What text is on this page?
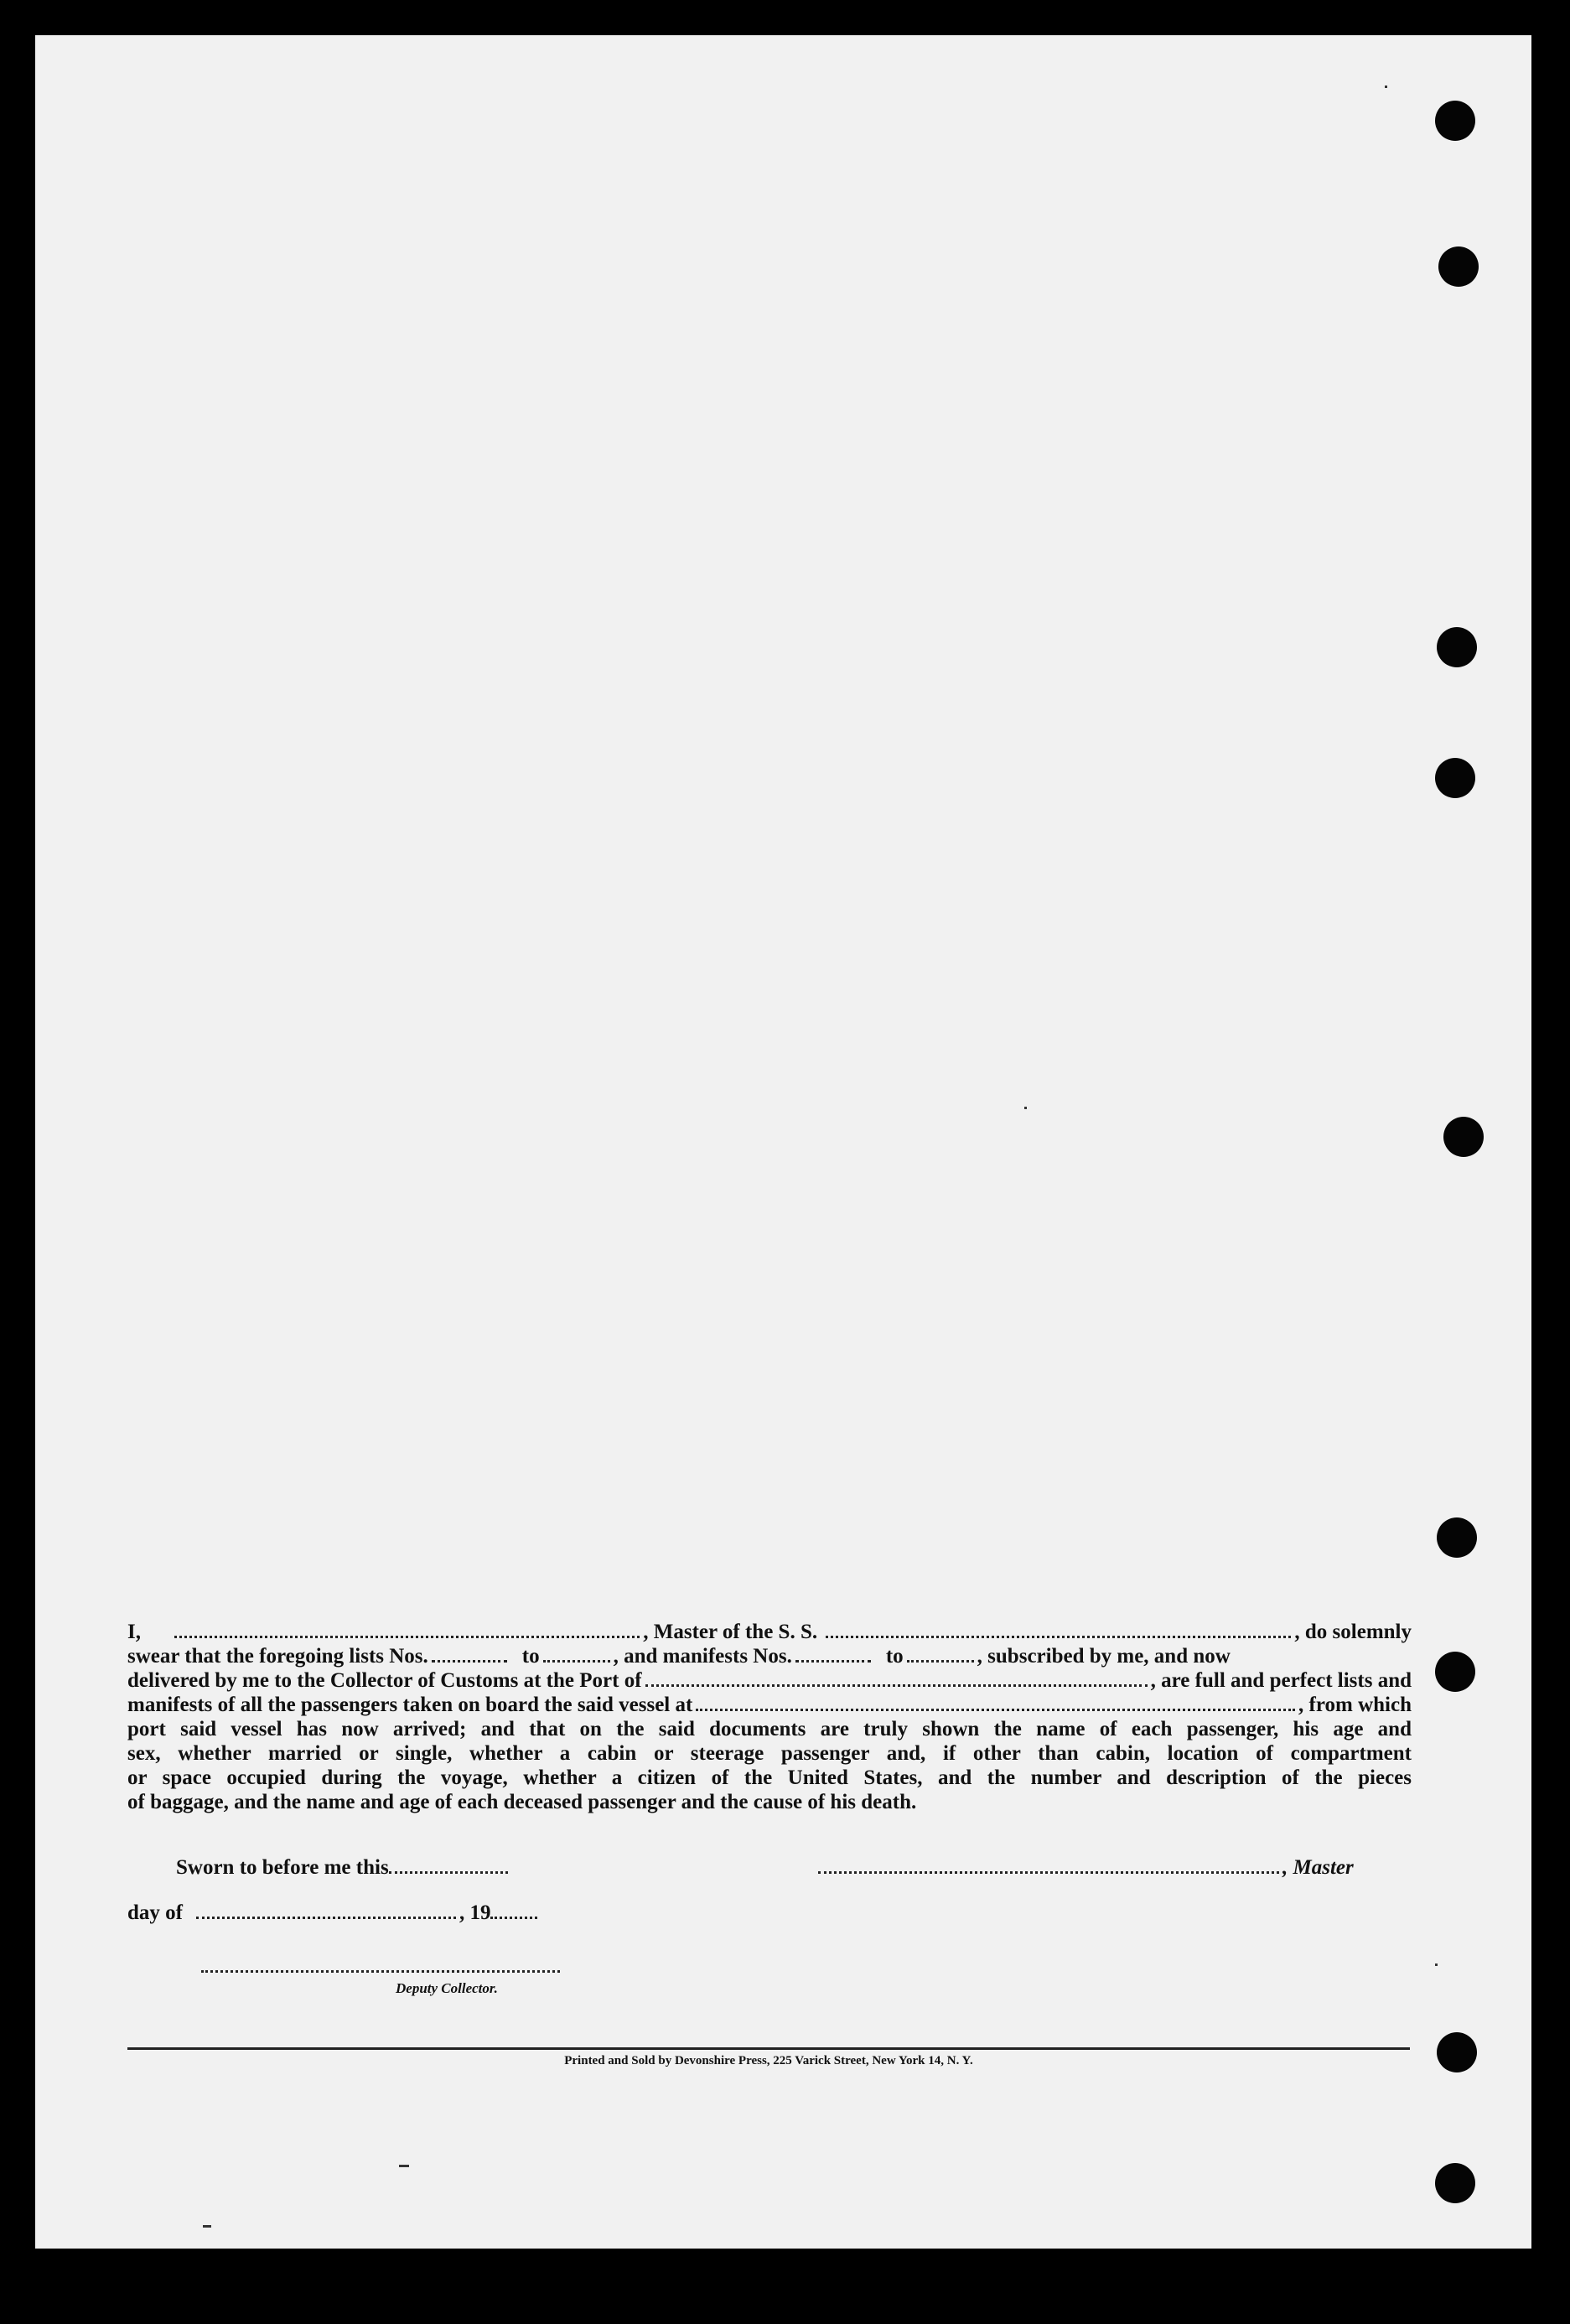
I,	, Master of the S. S.	, do solemnly
swear that the foregoing lists Nos.	to	, and manifests Nos.	to	, subscribed by me, and now
delivered by me to the Collector of Customs at the Port of	, are full and perfect lists and
manifests of all the passengers taken on board the said vessel at	, from which
port said vessel has now arrived; and that on the said documents are truly shown the name of each passenger, his age and
sex, whether married or single, whether a cabin or steerage passenger and, if other than cabin, location of compartment
or space occupied during the voyage, whether a citizen of the United States, and the number and description of the pieces
of baggage, and the name and age of each deceased passenger and the cause of his death.
Sworn to before me this	, Master
day of	, 19
Deputy Collector.
Printed and Sold by Devonshire Press, 225 Varick Street, New York 14, N. Y.
